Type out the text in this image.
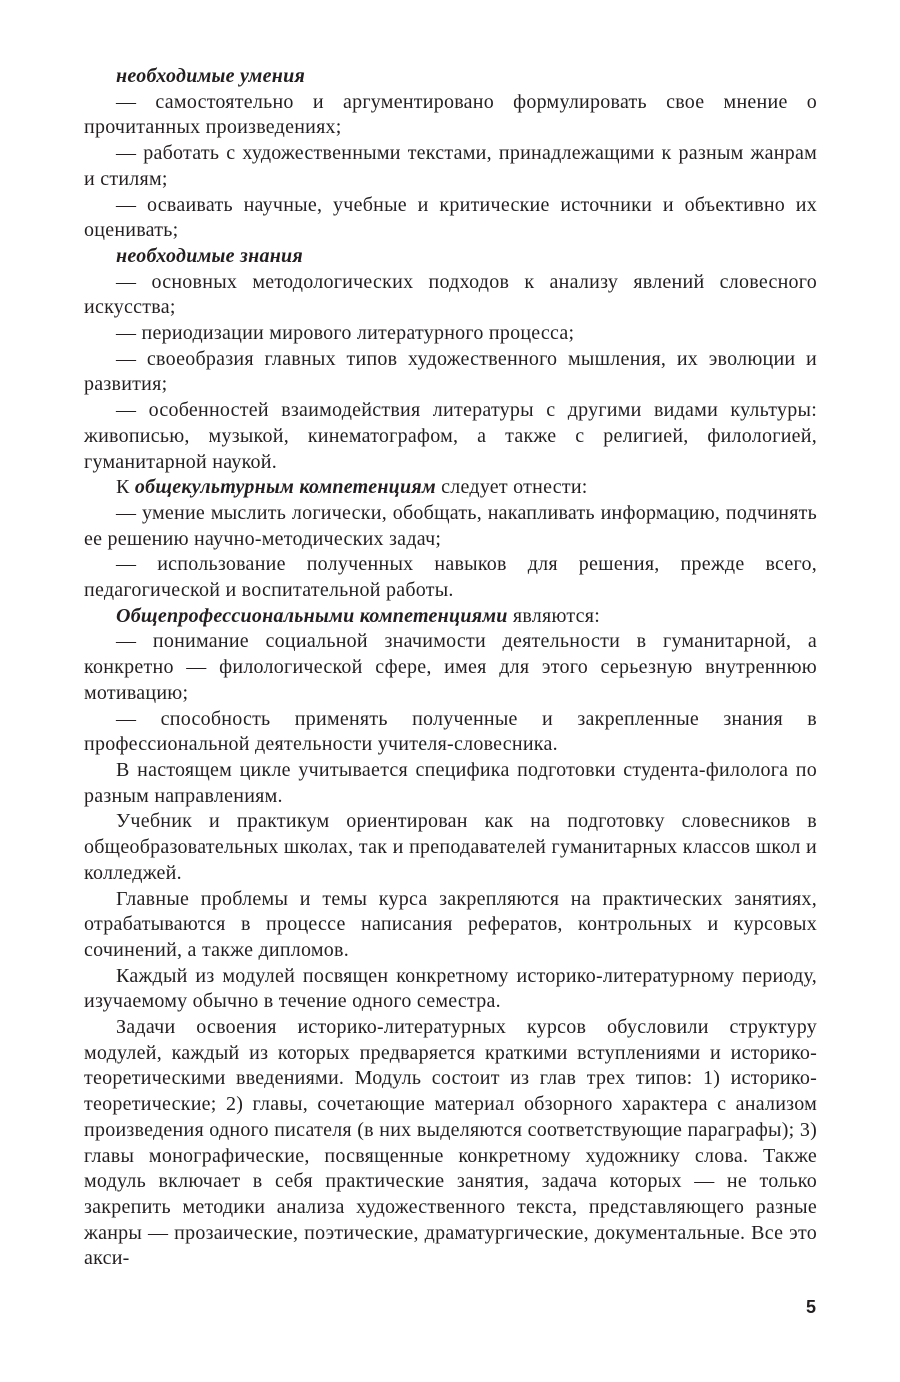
необходимые умения

— самостоятельно и аргументировано формулировать свое мнение о прочитанных произведениях;

— работать с художественными текстами, принадлежащими к разным жанрам и стилям;

— осваивать научные, учебные и критические источники и объективно их оценивать;

необходимые знания

— основных методологических подходов к анализу явлений словесного искусства;

— периодизации мирового литературного процесса;

— своеобразия главных типов художественного мышления, их эволюции и развития;

— особенностей взаимодействия литературы с другими видами культуры: живописью, музыкой, кинематографом, а также с религией, филологией, гуманитарной наукой.

К общекультурным компетенциям следует отнести:

— умение мыслить логически, обобщать, накапливать информацию, подчинять ее решению научно-методических задач;

— использование полученных навыков для решения, прежде всего, педагогической и воспитательной работы.

Общепрофессиональными компетенциями являются:

— понимание социальной значимости деятельности в гуманитарной, а конкретно — филологической сфере, имея для этого серьезную внутреннюю мотивацию;

— способность применять полученные и закрепленные знания в профессиональной деятельности учителя-словесника.

В настоящем цикле учитывается специфика подготовки студента-филолога по разным направлениям.

Учебник и практикум ориентирован как на подготовку словесников в общеобразовательных школах, так и преподавателей гуманитарных классов школ и колледжей.

Главные проблемы и темы курса закрепляются на практических занятиях, отрабатываются в процессе написания рефератов, контрольных и курсовых сочинений, а также дипломов.

Каждый из модулей посвящен конкретному историко-литературному периоду, изучаемому обычно в течение одного семестра.

Задачи освоения историко-литературных курсов обусловили структуру модулей, каждый из которых предваряется краткими вступлениями и историко-теоретическими введениями. Модуль состоит из глав трех типов: 1) историко-теоретические; 2) главы, сочетающие материал обзорного характера с анализом произведения одного писателя (в них выделяются соответствующие параграфы); 3) главы монографические, посвященные конкретному художнику слова. Также модуль включает в себя практические занятия, задача которых — не только закрепить методики анализа художественного текста, представляющего разные жанры — прозаические, поэтические, драматургические, документальные. Все это акси-

5
